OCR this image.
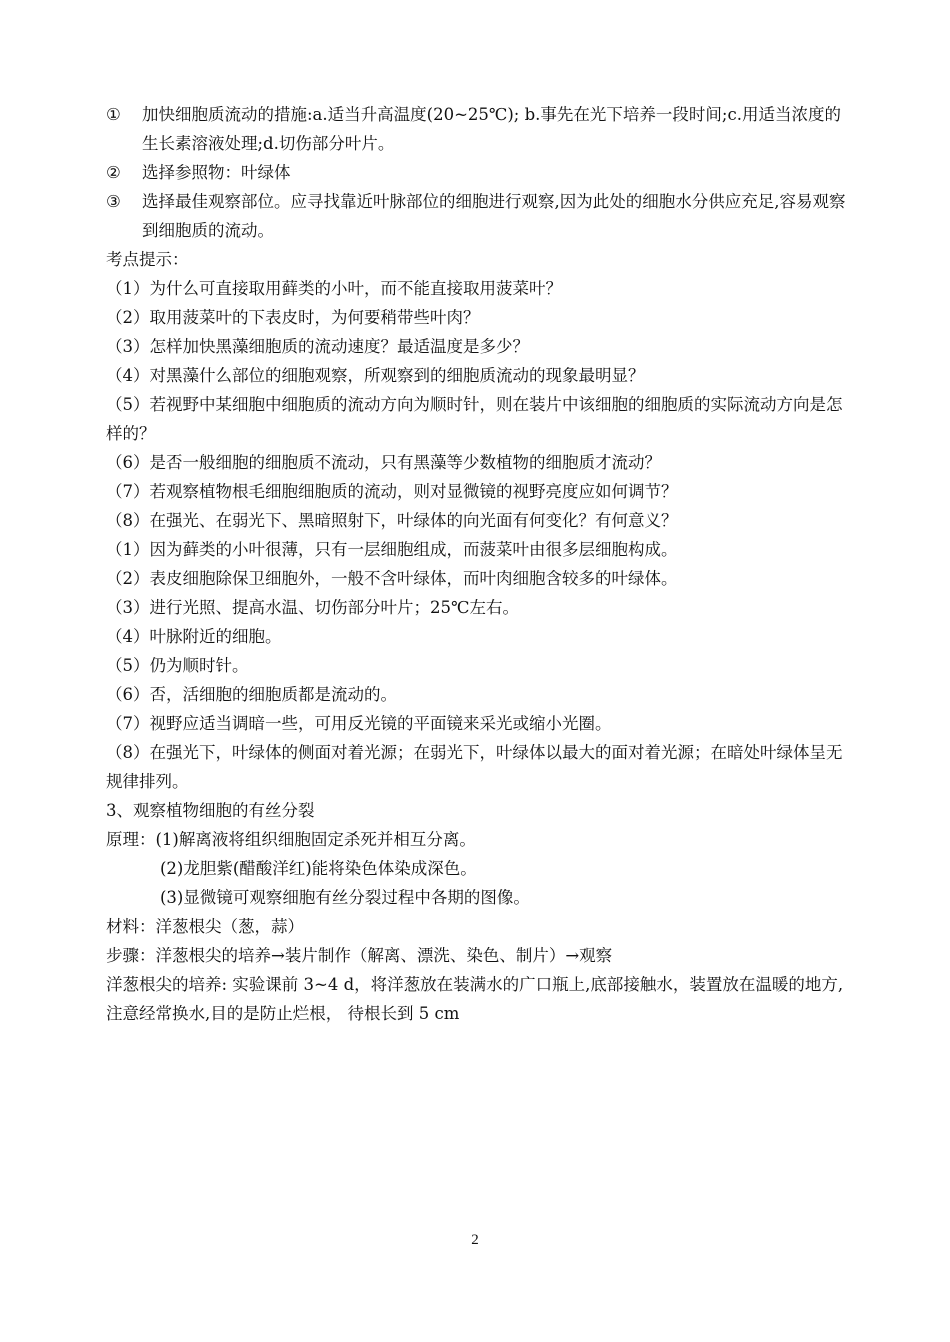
①	加快细胞质流动的措施:a.适当升高温度(20~25℃); b.事先在光下培养一段时间;c.用适当浓度的生长素溶液处理;d.切伤部分叶片。
②	选择参照物：叶绿体
③	选择最佳观察部位。应寻找靠近叶脉部位的细胞进行观察,因为此处的细胞水分供应充足,容易观察到细胞质的流动。

考点提示：

（1）为什么可直接取用藓类的小叶，而不能直接取用菠菜叶？

（2）取用菠菜叶的下表皮时，为何要稍带些叶肉？

（3）怎样加快黑藻细胞质的流动速度？最适温度是多少？

（4）对黑藻什么部位的细胞观察，所观察到的细胞质流动的现象最明显？

（5）若视野中某细胞中细胞质的流动方向为顺时针，则在装片中该细胞的细胞质的实际流动方向是怎样的？

（6）是否一般细胞的细胞质不流动，只有黑藻等少数植物的细胞质才流动？

（7）若观察植物根毛细胞细胞质的流动，则对显微镜的视野亮度应如何调节？

（8）在强光、在弱光下、黑暗照射下，叶绿体的向光面有何变化？有何意义？

（1）因为藓类的小叶很薄，只有一层细胞组成，而菠菜叶由很多层细胞构成。

（2）表皮细胞除保卫细胞外，一般不含叶绿体，而叶肉细胞含较多的叶绿体。

（3）进行光照、提高水温、切伤部分叶片；25℃左右。

（4）叶脉附近的细胞。

（5）仍为顺时针。

（6）否，活细胞的细胞质都是流动的。

（7）视野应适当调暗一些，可用反光镜的平面镜来采光或缩小光圈。

（8）在强光下，叶绿体的侧面对着光源；在弱光下，叶绿体以最大的面对着光源；在暗处叶绿体呈无规律排列。

3、观察植物细胞的有丝分裂

原理：(1)解离液将组织细胞固定杀死并相互分离。

(2)龙胆紫(醋酸洋红)能将染色体染成深色。

(3)显微镜可观察细胞有丝分裂过程中各期的图像。

材料：洋葱根尖（葱，蒜）

步骤：洋葱根尖的培养→装片制作（解离、漂洗、染色、制片）→观察

洋葱根尖的培养: 实验课前 3~4 d，将洋葱放在装满水的广口瓶上,底部接触水，装置放在温暖的地方,注意经常换水,目的是防止烂根， 待根长到 5 cm

2
